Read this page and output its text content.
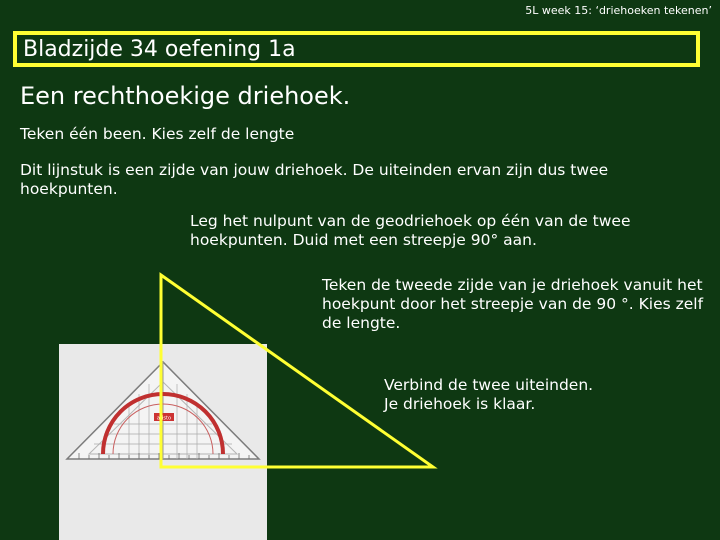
5L week 15: ‘driehoeken tekenen’
Bladzijde 34 oefening 1a
Een rechthoekige driehoek.
Teken één been. Kies zelf de lengte
Dit lijnstuk is een zijde van jouw driehoek. De uiteinden ervan zijn dus twee hoekpunten.
Leg het nulpunt van de geodriehoek op één van de twee hoekpunten. Duid met een streepje 90° aan.
Teken de tweede zijde van je driehoek vanuit het hoekpunt door het streepje van de 90 °. Kies zelf de lengte.
Verbind de twee uiteinden.
Je driehoek is klaar.
aristo
